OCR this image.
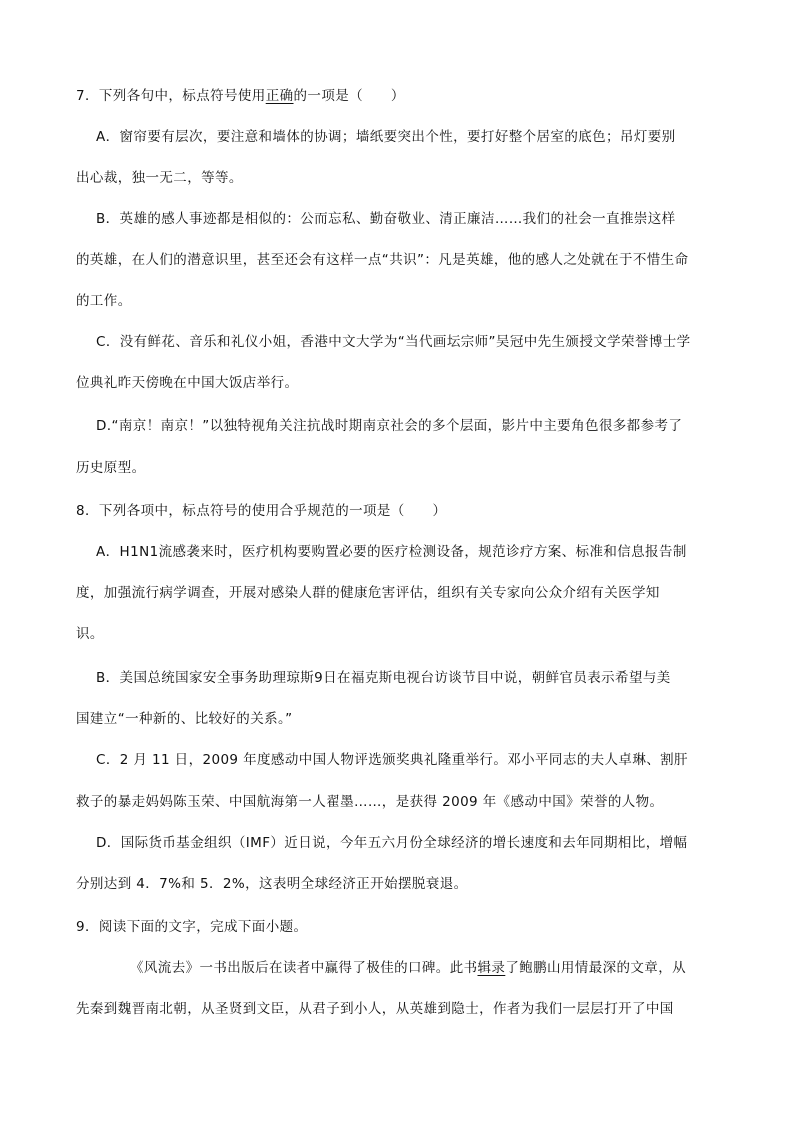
7．下列各句中，标点符号使用正确的一项是（　　）
A．窗帘要有层次，要注意和墙体的协调；墙纸要突出个性，要打好整个居室的底色；吊灯要别
出心裁，独一无二，等等。
B．英雄的感人事迹都是相似的：公而忘私、勤奋敬业、清正廉洁……我们的社会一直推崇这样
的英雄，在人们的潜意识里，甚至还会有这样一点“共识”：凡是英雄，他的感人之处就在于不惜生命
的工作。
C．没有鲜花、音乐和礼仪小姐，香港中文大学为“当代画坛宗师”吴冠中先生颁授文学荣誉博士学
位典礼昨天傍晚在中国大饭店举行。
D.“南京！南京！”以独特视角关注抗战时期南京社会的多个层面，影片中主要角色很多都参考了
历史原型。
8．下列各项中，标点符号的使用合乎规范的一项是（　　）
A．H1N1流感袭来时，医疗机构要购置必要的医疗检测设备，规范诊疗方案、标准和信息报告制
度，加强流行病学调查，开展对感染人群的健康危害评估，组织有关专家向公众介绍有关医学知
识。
B．美国总统国家安全事务助理琼斯9日在福克斯电视台访谈节目中说，朝鲜官员表示希望与美
国建立“一种新的、比较好的关系。”
C．2 月 11 日，2009 年度感动中国人物评选颁奖典礼隆重举行。邓小平同志的夫人卓琳、割肝
救子的暴走妈妈陈玉荣、中国航海第一人翟墨……，是获得 2009 年《感动中国》荣誉的人物。
D．国际货币基金组织（IMF）近日说，今年五六月份全球经济的增长速度和去年同期相比，增幅
分别达到 4．7%和 5．2%，这表明全球经济正开始摆脱衰退。
9．阅读下面的文字，完成下面小题。
《风流去》一书出版后在读者中赢得了极佳的口碑。此书辑录了鲍鹏山用情最深的文章，从
先秦到魏晋南北朝，从圣贤到文臣，从君子到小人，从英雄到隐士，作者为我们一层层打开了中国
